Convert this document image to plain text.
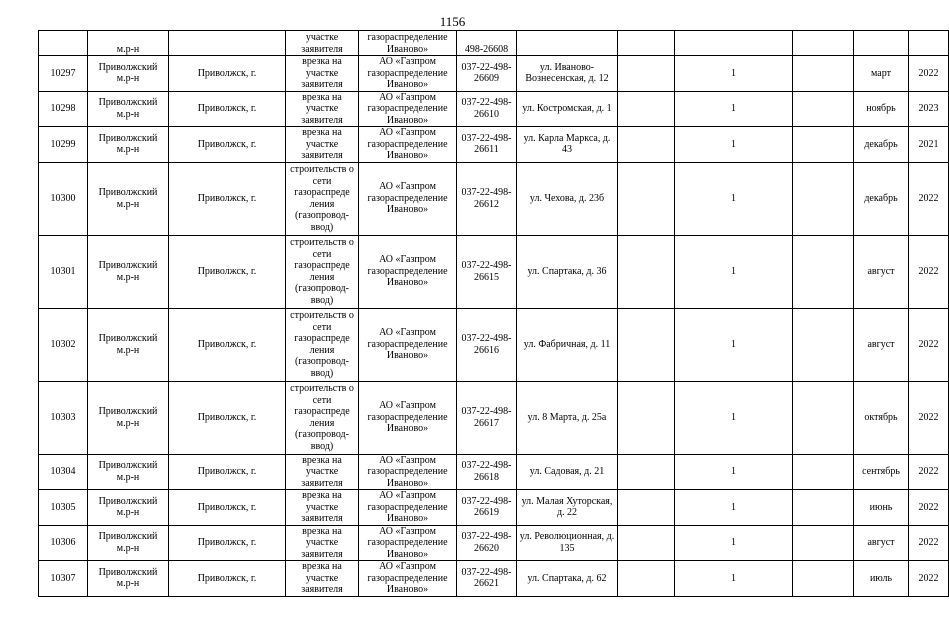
1156
	м.р-н		участке заявителя	газораспределение Иваново»	498-26608						
10297	Приволжский м.р-н	Приволжск, г.	врезка на участке заявителя	АО «Газпром газораспределение Иваново»	037-22-498-26609	ул. Иваново-Вознесенская, д. 12		1		март	2022
10298	Приволжский м.р-н	Приволжск, г.	врезка на участке заявителя	АО «Газпром газораспределение Иваново»	037-22-498-26610	ул. Костромская, д. 1		1		ноябрь	2023
10299	Приволжский м.р-н	Приволжск, г.	врезка на участке заявителя	АО «Газпром газораспределение Иваново»	037-22-498-26611	ул. Карла Маркса, д. 43		1		декабрь	2021
10300	Приволжский м.р-н	Приволжск, г.	строительств о сети газораспреде ления (газопровод-ввод)	АО «Газпром газораспределение Иваново»	037-22-498-26612	ул. Чехова, д. 23б		1		декабрь	2022
10301	Приволжский м.р-н	Приволжск, г.	строительств о сети газораспреде ления (газопровод-ввод)	АО «Газпром газораспределение Иваново»	037-22-498-26615	ул. Спартака, д. 36		1		август	2022
10302	Приволжский м.р-н	Приволжск, г.	строительств о сети газораспреде ления (газопровод-ввод)	АО «Газпром газораспределение Иваново»	037-22-498-26616	ул. Фабричная, д. 11		1		август	2022
10303	Приволжский м.р-н	Приволжск, г.	строительств о сети газораспреде ления (газопровод-ввод)	АО «Газпром газораспределение Иваново»	037-22-498-26617	ул. 8 Марта, д. 25а		1		октябрь	2022
10304	Приволжский м.р-н	Приволжск, г.	врезка на участке заявителя	АО «Газпром газораспределение Иваново»	037-22-498-26618	ул. Садовая, д. 21		1		сентябрь	2022
10305	Приволжский м.р-н	Приволжск, г.	врезка на участке заявителя	АО «Газпром газораспределение Иваново»	037-22-498-26619	ул. Малая Хуторская, д. 22		1		июнь	2022
10306	Приволжский м.р-н	Приволжск, г.	врезка на участке заявителя	АО «Газпром газораспределение Иваново»	037-22-498-26620	ул. Революционная, д. 135		1		август	2022
10307	Приволжский м.р-н	Приволжск, г.	врезка на участке заявителя	АО «Газпром газораспределение Иваново»	037-22-498-26621	ул. Спартака, д. 62		1		июль	2022
